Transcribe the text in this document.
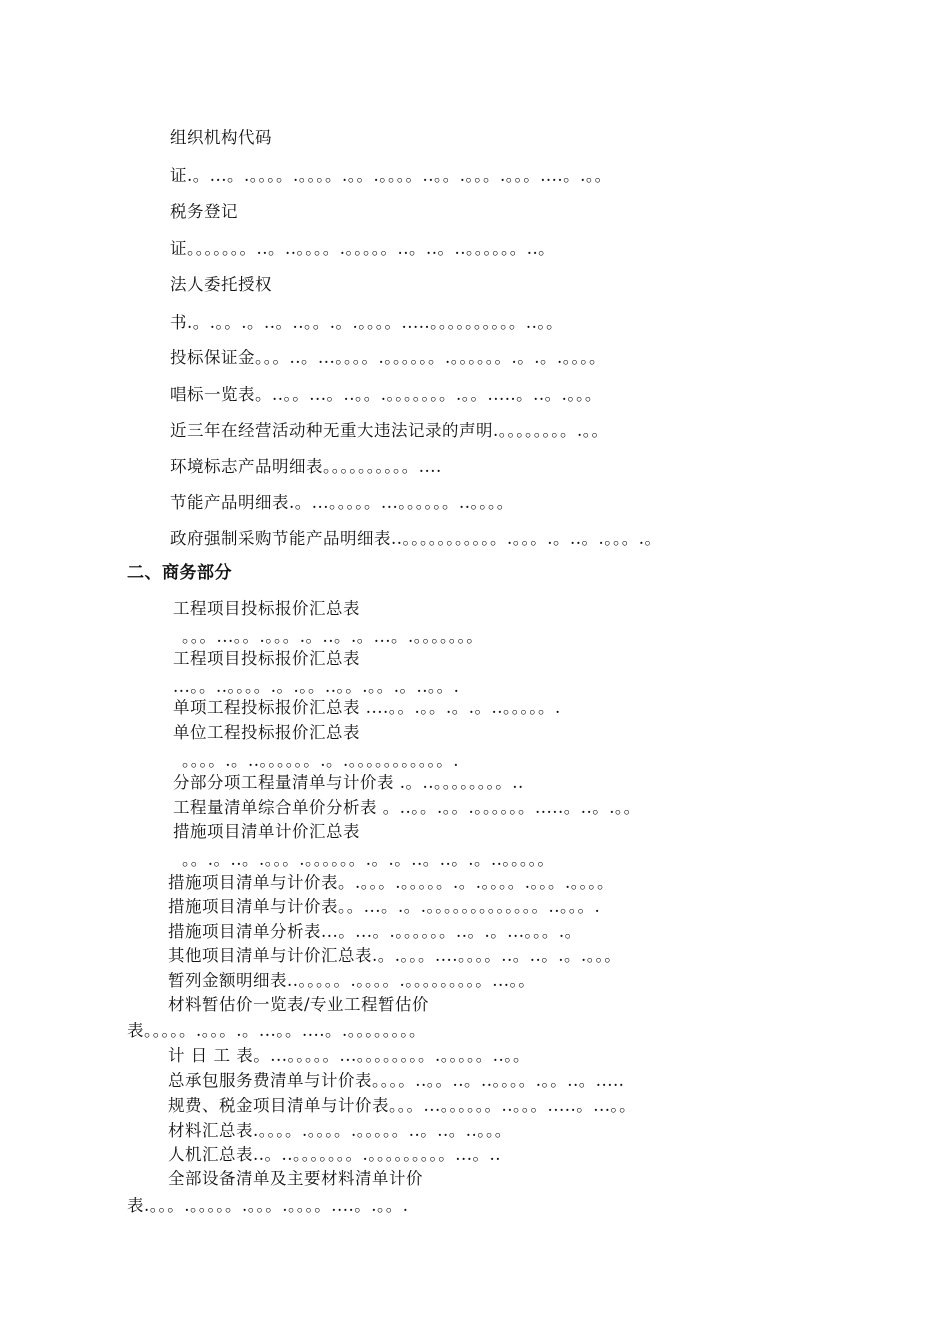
组织机构代码
证.。...。.。。。。.。。。。.。。.。。。。..。。.。。。.。。。....。.。。
税务登记
证。。。。。。。..。..。。。。.。。。。。..。..。..。。。。。。..。
法人委托授权
书.。.。。.。..。..。。.。.。。。。.....。。。。。。。。。。..。。
投标保证金。。。..。...。。。。.。。。。。。.。。。。。。.。.。.。。。。
唱标一览表。..。。...。..。。.。。。。。。。.。。.....。..。.。。。
近三年在经营活动种无重大违法记录的声明.。。。。。。。。.。。
环境标志产品明细表。。。。。。。。。。....
节能产品明细表.。...。。。。。...。。。。。。..。。。。
政府强制采购节能产品明细表..。。。。。。。。。。。.。。。.。..。.。。。.。
二、商务部分
工程项目投标报价汇总表
。。。...。。.。。。.。..。.。...。.。。。。。。。
工程项目投标报价汇总表
...。。..。。。。.。.。。..。。.。。.。..。。.
单项工程投标报价汇总表 ....。。.。。.。.。..。。。。。.
单位工程投标报价汇总表
。。。。.。..。。。。。。.。.。。。。。。。。。。。.
分部分项工程量清单与计价表 .。..。。。。。。。。..
工程量清单综合单价分析表 。..。。.。。.。。。。。。.....。..。.。。
措施项目清单计价汇总表
。。.。..。.。。。.。。。。。。.。.。..。..。.。..。。。。。
措施项目清单与计价表。.。。。.。。。。。.。.。。。。.。。。.。。。。
措施项目清单与计价表。。...。.。.。。。。。。。。。。。。。..。。。.
措施项目清单分析表...。...。.。。。。。。..。.。...。。。.。
其他项目清单与计价汇总表.。.。。。....。。。。..。..。.。.。。。
暂列金额明细表..。。。。。.。。。。.。。。。。。。。。...。。
材料暂估价一览表/专业工程暂估价
表。。。。。.。。。.。...。。....。.。。。。。。。。
计 日 工 表。...。。。。。...。。。。。。。。.。。。。。..。。
总承包服务费清单与计价表。。。。..。。..。..。。。。.。。..。.....
规费、税金项目清单与计价表。。。...。。。。。。..。。。.....。...。。
材料汇总表.。。。。.。。。。.。。。。。..。..。..。。。
人机汇总表..。..。。。。。。。.。。。。。。。。。...。..
全部设备清单及主要材料清单计价
表.。。。.。。。。。.。。。.。。。。....。.。。.
